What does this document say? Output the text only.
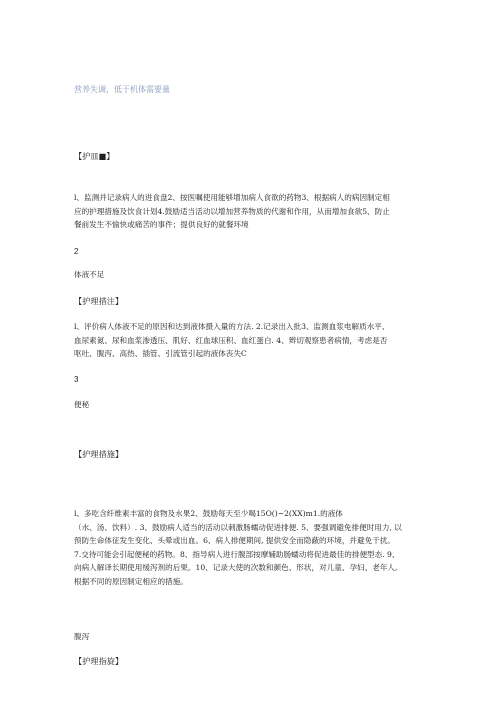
营养失调，低于机体需要量

【护皿■】

l、监测并记录病人的进食盘2、按医嘱使用能够增加病人食欲的药物3、根据病人的病因制定相
应的护理措施及饮食计划4.鼓励适当活动以增加营养物质的代谢和作用，从而增加食欲5、防止
餐前发生不愉快或痛苦的事件；提供良好的就餐环境

2

体液不足

【护理措注】

l、评价病人体液不足的原因和达到液体摄入量的方法. 2.记录出入批3、监测血浆电解质水平、
血尿素氮、尿和血浆渗透压、肌好、红血球压积、血红蛋白. 4、辫切观察患者病情，考虑是否
呕吐、腹泻、高热、插管、引流管引起的液体丧失C

3

便秘

【护理措施】

l、多吃含纤维素丰富的食物及水果2、鼓励每天至少喝15O()~2(XX)m1.的液体
（水、汤、饮料）. 3、鼓励病人适当的活动以刺激肠蠕动促进排便. 5、要强调避免排便时用力, 以
预防生命体征发生变化、头晕或出血。6、病人排便期间, 提供安全而隐蔽的环境，并避免干扰。
7.交待可能会引起便秘的药物。8、指导病人进行腹部按摩辅助肠蠕动将促进最佳的排便型态. 9、
向病人解译长期使用缓泻剂的后果。10、记录大使的次数和颜色、形状，对儿童、孕妇、老年人,
根据不同的原因制定相应的措施。

腹泻

【护理指旋】
